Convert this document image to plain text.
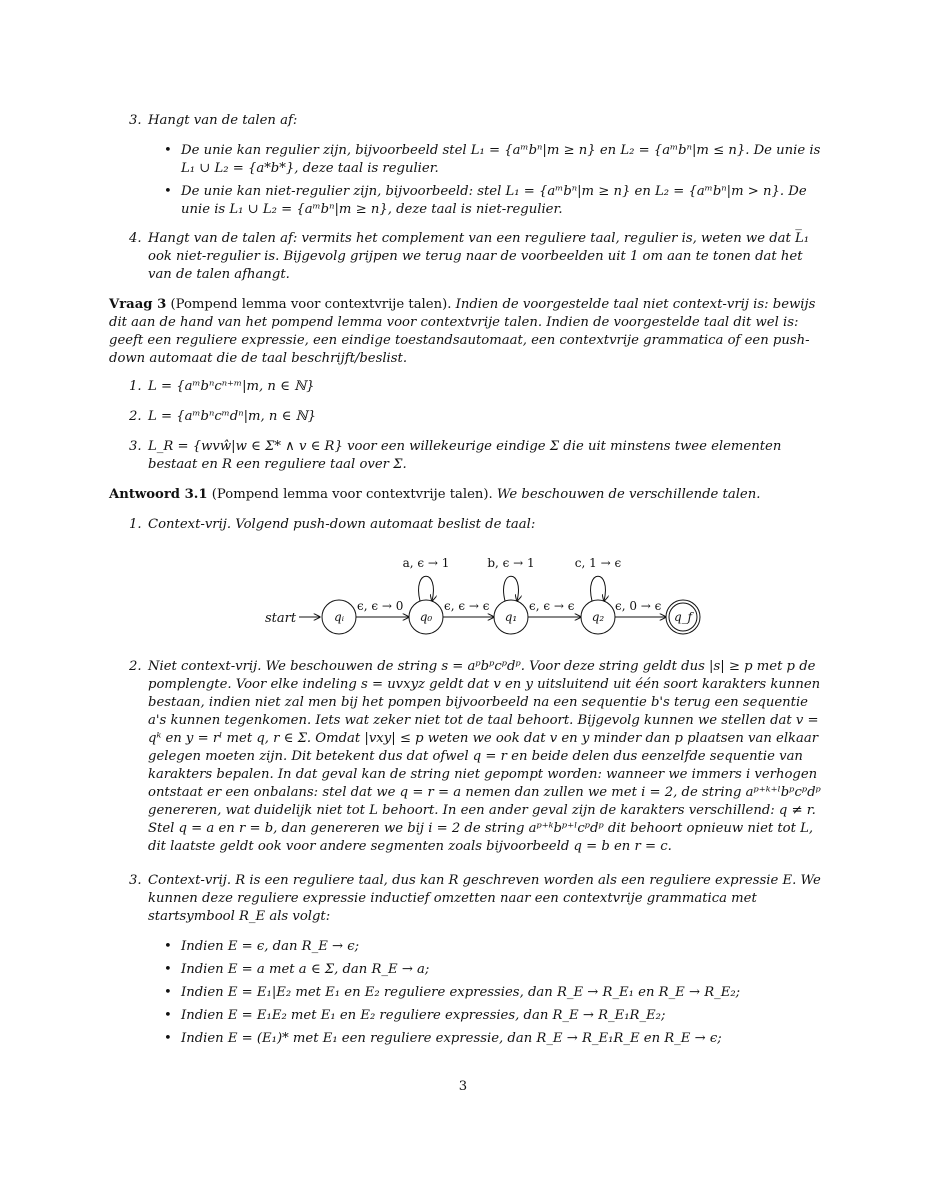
3. Hangt van de talen af:
• De unie kan regulier zijn, bijvoorbeeld stel L₁ = {aᵐbⁿ|m ≥ n} en L₂ = {aᵐbⁿ|m ≤ n}. De unie is L₁ ∪ L₂ = {a*b*}, deze taal is regulier.
• De unie kan niet-regulier zijn, bijvoorbeeld: stel L₁ = {aᵐbⁿ|m ≥ n} en L₂ = {aᵐbⁿ|m > n}. De unie is L₁ ∪ L₂ = {aᵐbⁿ|m ≥ n}, deze taal is niet-regulier.
4. Hangt van de talen af: vermits het complement van een reguliere taal, regulier is, weten we dat L̅₁ ook niet-regulier is. Bijgevolg grijpen we terug naar de voorbeelden uit 1 om aan te tonen dat het van de talen afhangt.
Vraag 3 (Pompend lemma voor contextvrije talen). Indien de voorgestelde taal niet context-vrij is: bewijs dit aan de hand van het pompend lemma voor contextvrije talen. Indien de voorgestelde taal dit wel is: geeft een reguliere expressie, een eindige toestandsautomaat, een contextvrije grammatica of een push-down automaat die de taal beschrijft/beslist.
1. L = {aᵐbⁿcⁿ⁺ᵐ|m, n ∈ ℕ}
2. L = {aᵐbⁿcᵐdⁿ|m, n ∈ ℕ}
3. L_R = {wvŵ|w ∈ Σ* ∧ v ∈ R} voor een willekeurige eindige Σ die uit minstens twee elementen bestaat en R een reguliere taal over Σ.
Antwoord 3.1 (Pompend lemma voor contextvrije talen). We beschouwen de verschillende talen.
1. Context-vrij. Volgend push-down automaat beslist de taal:
start	qᵢ	q₀	q₁	q₂	q_f
ϵ, ϵ → 0	ϵ, ϵ → ϵ	ϵ, ϵ → ϵ	ϵ, 0 → ϵ
a, ϵ → 1	b, ϵ → 1	c, 1 → ϵ
2. Niet context-vrij. We beschouwen de string s = aᵖbᵖcᵖdᵖ. Voor deze string geldt dus |s| ≥ p met p de pomplengte. Voor elke indeling s = uvxyz geldt dat v en y uitsluitend uit één soort karakters kunnen bestaan, indien niet zal men bij het pompen bijvoorbeeld na een sequentie b's terug een sequentie a's kunnen tegenkomen. Iets wat zeker niet tot de taal behoort. Bijgevolg kunnen we stellen dat v = qᵏ en y = rˡ met q, r ∈ Σ. Omdat |vxy| ≤ p weten we ook dat v en y minder dan p plaatsen van elkaar gelegen moeten zijn. Dit betekent dus dat ofwel q = r en beide delen dus eenzelfde sequentie van karakters bepalen. In dat geval kan de string niet gepompt worden: wanneer we immers i verhogen ontstaat er een onbalans: stel dat we q = r = a nemen dan zullen we met i = 2, de string aᵖ⁺ᵏ⁺ˡbᵖcᵖdᵖ genereren, wat duidelijk niet tot L behoort. In een ander geval zijn de karakters verschillend: q ≠ r. Stel q = a en r = b, dan genereren we bij i = 2 de string aᵖ⁺ᵏbᵖ⁺ˡcᵖdᵖ dit behoort opnieuw niet tot L, dit laatste geldt ook voor andere segmenten zoals bijvoorbeeld q = b en r = c.
3. Context-vrij. R is een reguliere taal, dus kan R geschreven worden als een reguliere expressie E. We kunnen deze reguliere expressie inductief omzetten naar een contextvrije grammatica met startsymbool R_E als volgt:
• Indien E = ϵ, dan R_E → ϵ;
• Indien E = a met a ∈ Σ, dan R_E → a;
• Indien E = E₁|E₂ met E₁ en E₂ reguliere expressies, dan R_E → R_E₁ en R_E → R_E₂;
• Indien E = E₁E₂ met E₁ en E₂ reguliere expressies, dan R_E → R_E₁R_E₂;
• Indien E = (E₁)* met E₁ een reguliere expressie, dan R_E → R_E₁R_E en R_E → ϵ;
3
